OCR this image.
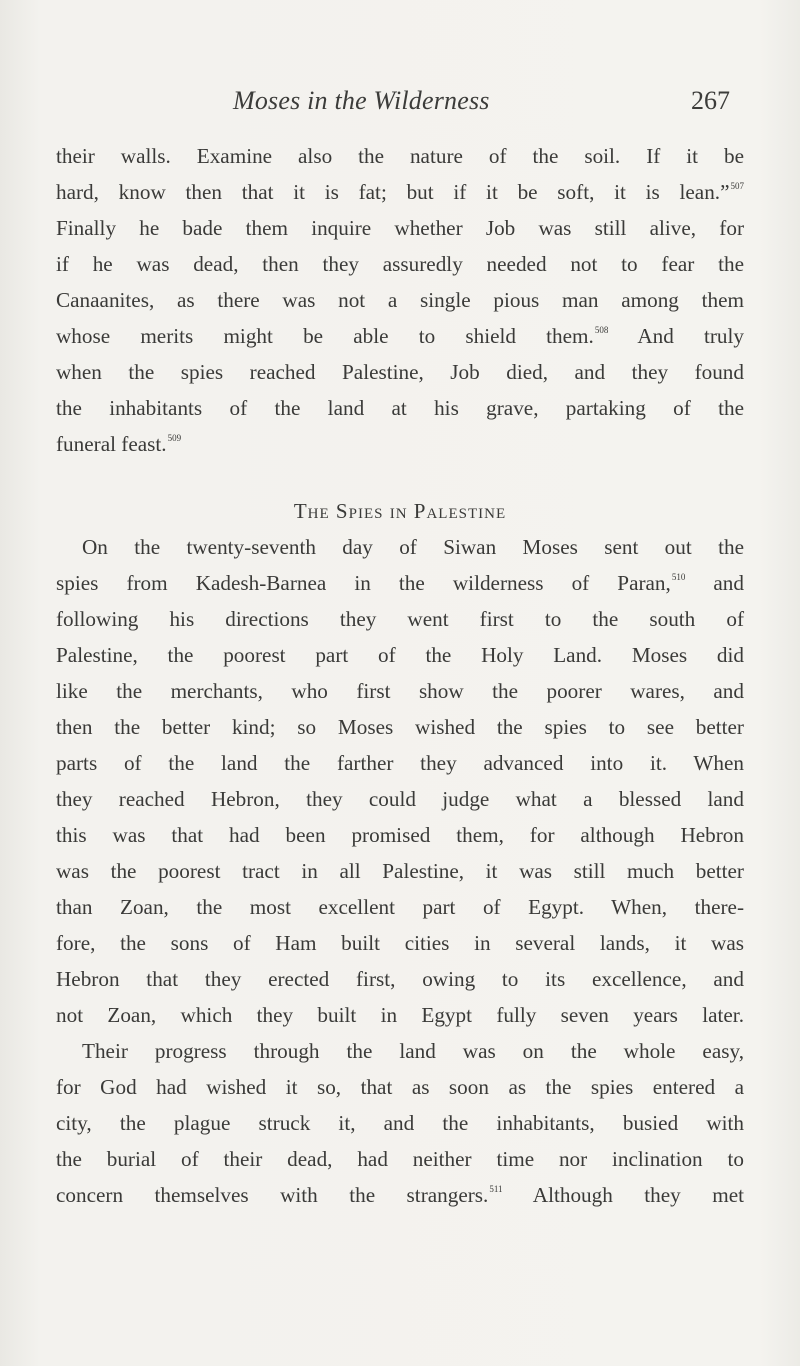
Moses in the Wilderness	267
their walls. Examine also the nature of the soil. If it be
hard, know then that it is fat; but if it be soft, it is lean.”$^{507}$
Finally he bade them inquire whether Job was still alive, for
if he was dead, then they assuredly needed not to fear the
Canaanites, as there was not a single pious man among them
whose merits might be able to shield them.$^{508}$ And truly
when the spies reached Palestine, Job died, and they found
the inhabitants of the land at his grave, partaking of the
funeral feast.$^{509}$
The Spies in Palestine
On the twenty-seventh day of Siwan Moses sent out the
spies from Kadesh-Barnea in the wilderness of Paran,$^{510}$ and
following his directions they went first to the south of
Palestine, the poorest part of the Holy Land. Moses did
like the merchants, who first show the poorer wares, and
then the better kind; so Moses wished the spies to see better
parts of the land the farther they advanced into it. When
they reached Hebron, they could judge what a blessed land
this was that had been promised them, for although Hebron
was the poorest tract in all Palestine, it was still much better
than Zoan, the most excellent part of Egypt. When, there-
fore, the sons of Ham built cities in several lands, it was
Hebron that they erected first, owing to its excellence, and
not Zoan, which they built in Egypt fully seven years later.
Their progress through the land was on the whole easy,
for God had wished it so, that as soon as the spies entered a
city, the plague struck it, and the inhabitants, busied with
the burial of their dead, had neither time nor inclination to
concern themselves with the strangers.$^{511}$ Although they met
